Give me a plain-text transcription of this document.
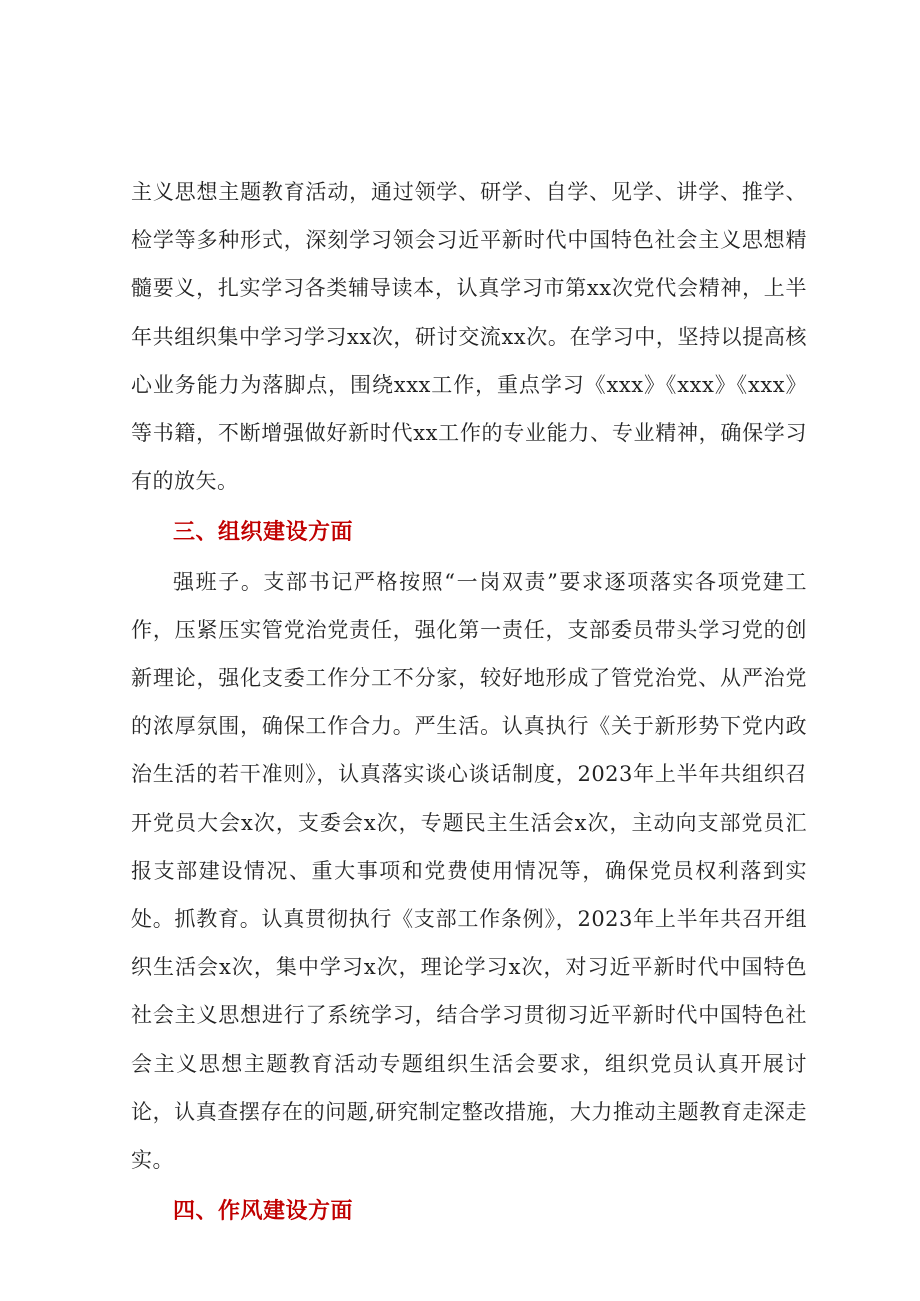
主义思想主题教育活动，通过领学、研学、自学、见学、讲学、推学、检学等多种形式，深刻学习领会习近平新时代中国特色社会主义思想精髓要义，扎实学习各类辅导读本，认真学习市第xx次党代会精神，上半年共组织集中学习学习xx次，研讨交流xx次。在学习中，坚持以提高核心业务能力为落脚点，围绕xxx工作，重点学习《xxx》《xxx》《xxx》等书籍，不断增强做好新时代xx工作的专业能力、专业精神，确保学习有的放矢。

三、组织建设方面

强班子。支部书记严格按照“一岗双责”要求逐项落实各项党建工作，压紧压实管党治党责任，强化第一责任，支部委员带头学习党的创新理论，强化支委工作分工不分家，较好地形成了管党治党、从严治党的浓厚氛围，确保工作合力。严生活。认真执行《关于新形势下党内政治生活的若干准则》，认真落实谈心谈话制度，2023年上半年共组织召开党员大会x次，支委会x次，专题民主生活会x次，主动向支部党员汇报支部建设情况、重大事项和党费使用情况等，确保党员权利落到实处。抓教育。认真贯彻执行《支部工作条例》，2023年上半年共召开组织生活会x次，集中学习x次，理论学习x次，对习近平新时代中国特色社会主义思想进行了系统学习，结合学习贯彻习近平新时代中国特色社会主义思想主题教育活动专题组织生活会要求，组织党员认真开展讨论，认真查摆存在的问题,研究制定整改措施，大力推动主题教育走深走实。

四、作风建设方面
